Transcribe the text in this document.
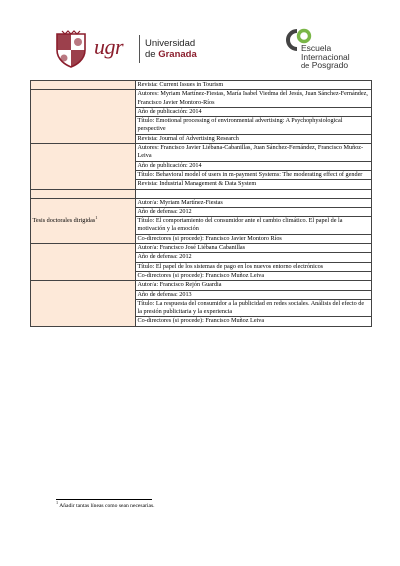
ugr Universidad
de Granada
Escuela
Internacional
de Posgrado
	Revista: Current Issues in Tourism
	Autores: Myriam Martínez-Fiestas, María Isabel Viedma del Jesús, Juan Sánchez-Fernández, Francisco Javier Montoro-Ríos
	Año de publicación: 2014
	Título: Emotional processing of environmental advertising: A Psychophysiological perspective
	Revista: Journal of Advertising Research
	Autores: Francisco Javier Liébana-Cabanillas, Juan Sánchez-Fernández, Francisco Muñoz-Leiva
	Año de publicación: 2014
	Título: Behavioral model of users in m-payment Systems: The moderating effect of gender
	Revista: Industrial Management & Data System

Tesis doctorales dirigidas$^1$	Autor/a: Myriam Martínez-Fiestas
	Año de defensa: 2012
	Título: El comportamiento del consumidor ante el cambio climático. El papel de la motivación y la emoción
	Co-directores (si procede): Francisco Javier Montoro Ríos
	Autor/a: Francisco José Liébana Cabanillas
	Año de defensa: 2012
	Título: El papel de los sistemas de pago en los nuevos entorno electrónicos
	Co-directores (si procede): Francisco Muñoz Leiva
	Autor/a: Francisco Rejón Guardia
	Año de defensa: 2013
	Título: La respuesta del consumidor a la publicidad en redes sociales. Análisis del efecto de la presión publicitaria y la experiencia
	Co-directores (si procede): Francisco Muñoz Leiva
$^1$ Añadir tantas líneas como sean necesarias.
